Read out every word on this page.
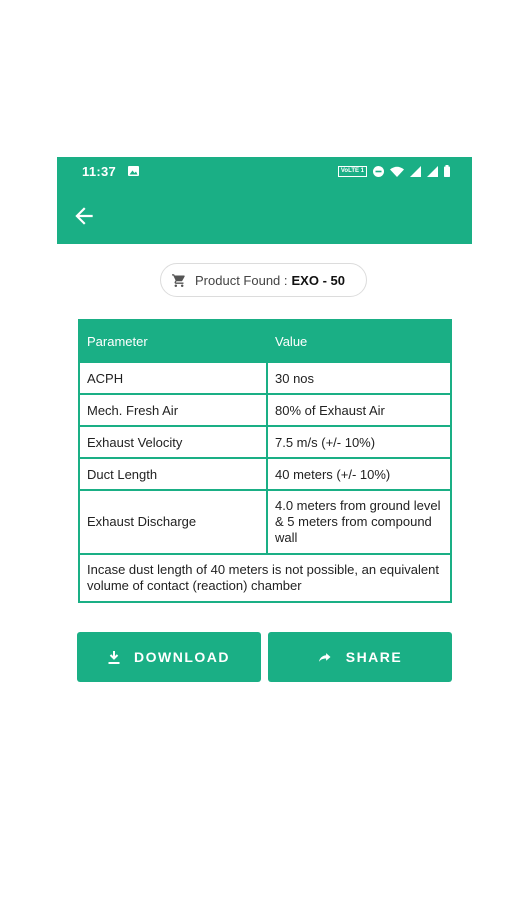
11:37	VoLTE 1
Product Found : EXO - 50
Parameter	Value
ACPH	30 nos
Mech. Fresh Air	80% of Exhaust Air
Exhaust Velocity	7.5 m/s (+/- 10%)
Duct Length	40 meters (+/- 10%)
Exhaust Discharge	4.0 meters from ground level & 5 meters from compound wall
Incase dust length of 40 meters is not possible, an equivalent volume of contact (reaction) chamber	
DOWNLOAD	SHARE
